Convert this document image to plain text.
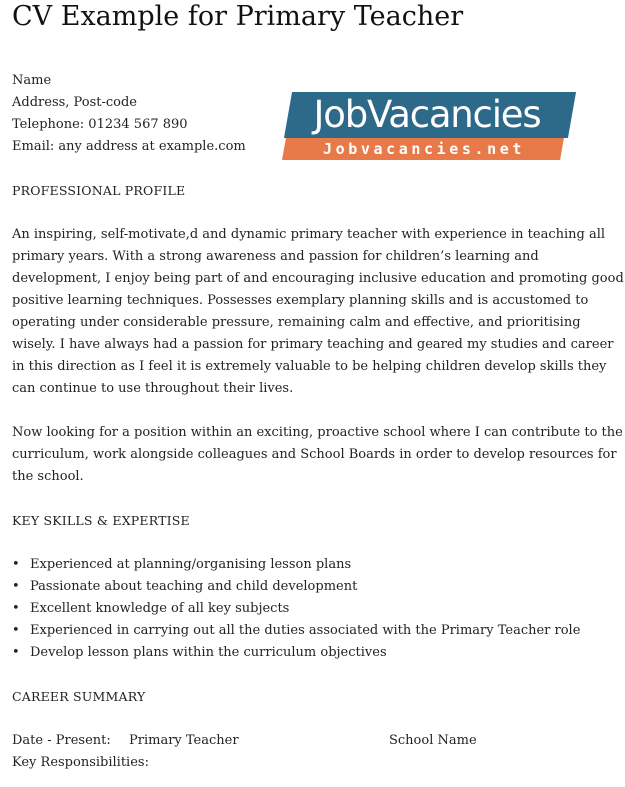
CV Example for Primary Teacher
Name
Address, Post-code
Telephone: 01234 567 890
Email: any address at example.com
JobVacancies
Jobvacancies.net
PROFESSIONAL PROFILE

An inspiring, self-motivate,d and dynamic primary teacher with experience in teaching all primary years. With a strong awareness and passion for children’s learning and development, I enjoy being part of and encouraging inclusive education and promoting good positive learning techniques. Possesses exemplary planning skills and is accustomed to operating under considerable pressure, remaining calm and effective, and prioritising wisely. I have always had a passion for primary teaching and geared my studies and career in this direction as I feel it is extremely valuable to be helping children develop skills they can continue to use throughout their lives.

Now looking for a position within an exciting, proactive school where I can contribute to the curriculum, work alongside colleagues and School Boards in order to develop resources for the school.

KEY SKILLS & EXPERTISE
• Experienced at planning/organising lesson plans
• Passionate about teaching and child development
• Excellent knowledge of all key subjects
• Experienced in carrying out all the duties associated with the Primary Teacher role
• Develop lesson plans within the curriculum objectives
CAREER SUMMARY
Date - Present: Primary Teacher	School Name
Key Responsibilities:
